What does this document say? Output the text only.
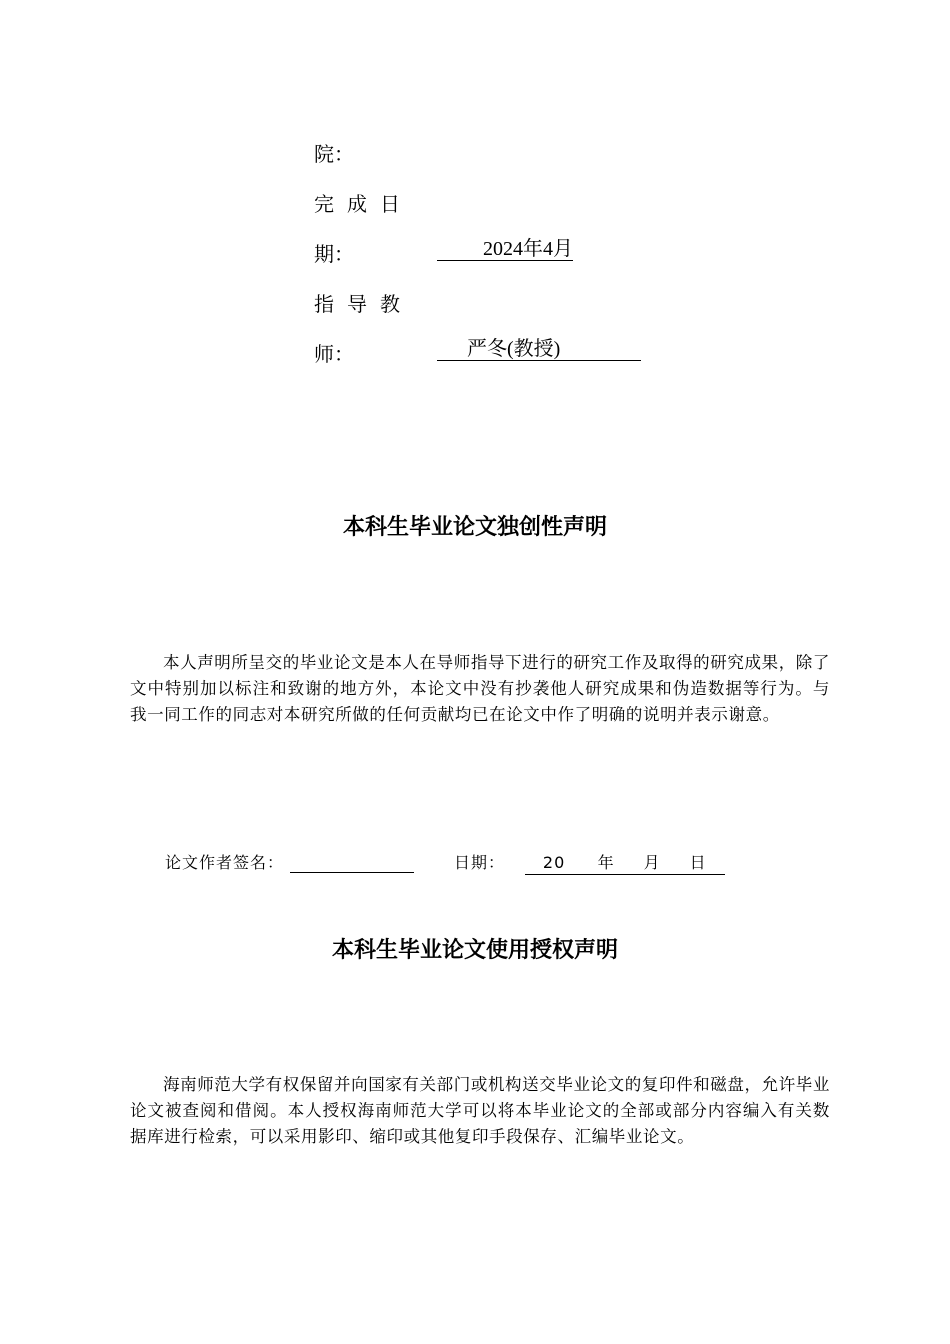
院：
完 成 日
期：	2024年4月
指 导 教
师：	严冬(教授)
本科生毕业论文独创性声明

本人声明所呈交的毕业论文是本人在导师指导下进行的研究工作及取得的研究成果，除了文中特别加以标注和致谢的地方外，本论文中没有抄袭他人研究成果和伪造数据等行为。与我一同工作的同志对本研究所做的任何贡献均已在论文中作了明确的说明并表示谢意。

论文作者签名：	日期： 20 年 月 日
本科生毕业论文使用授权声明

海南师范大学有权保留并向国家有关部门或机构送交毕业论文的复印件和磁盘，允许毕业论文被查阅和借阅。本人授权海南师范大学可以将本毕业论文的全部或部分内容编入有关数据库进行检索，可以采用影印、缩印或其他复印手段保存、汇编毕业论文。
